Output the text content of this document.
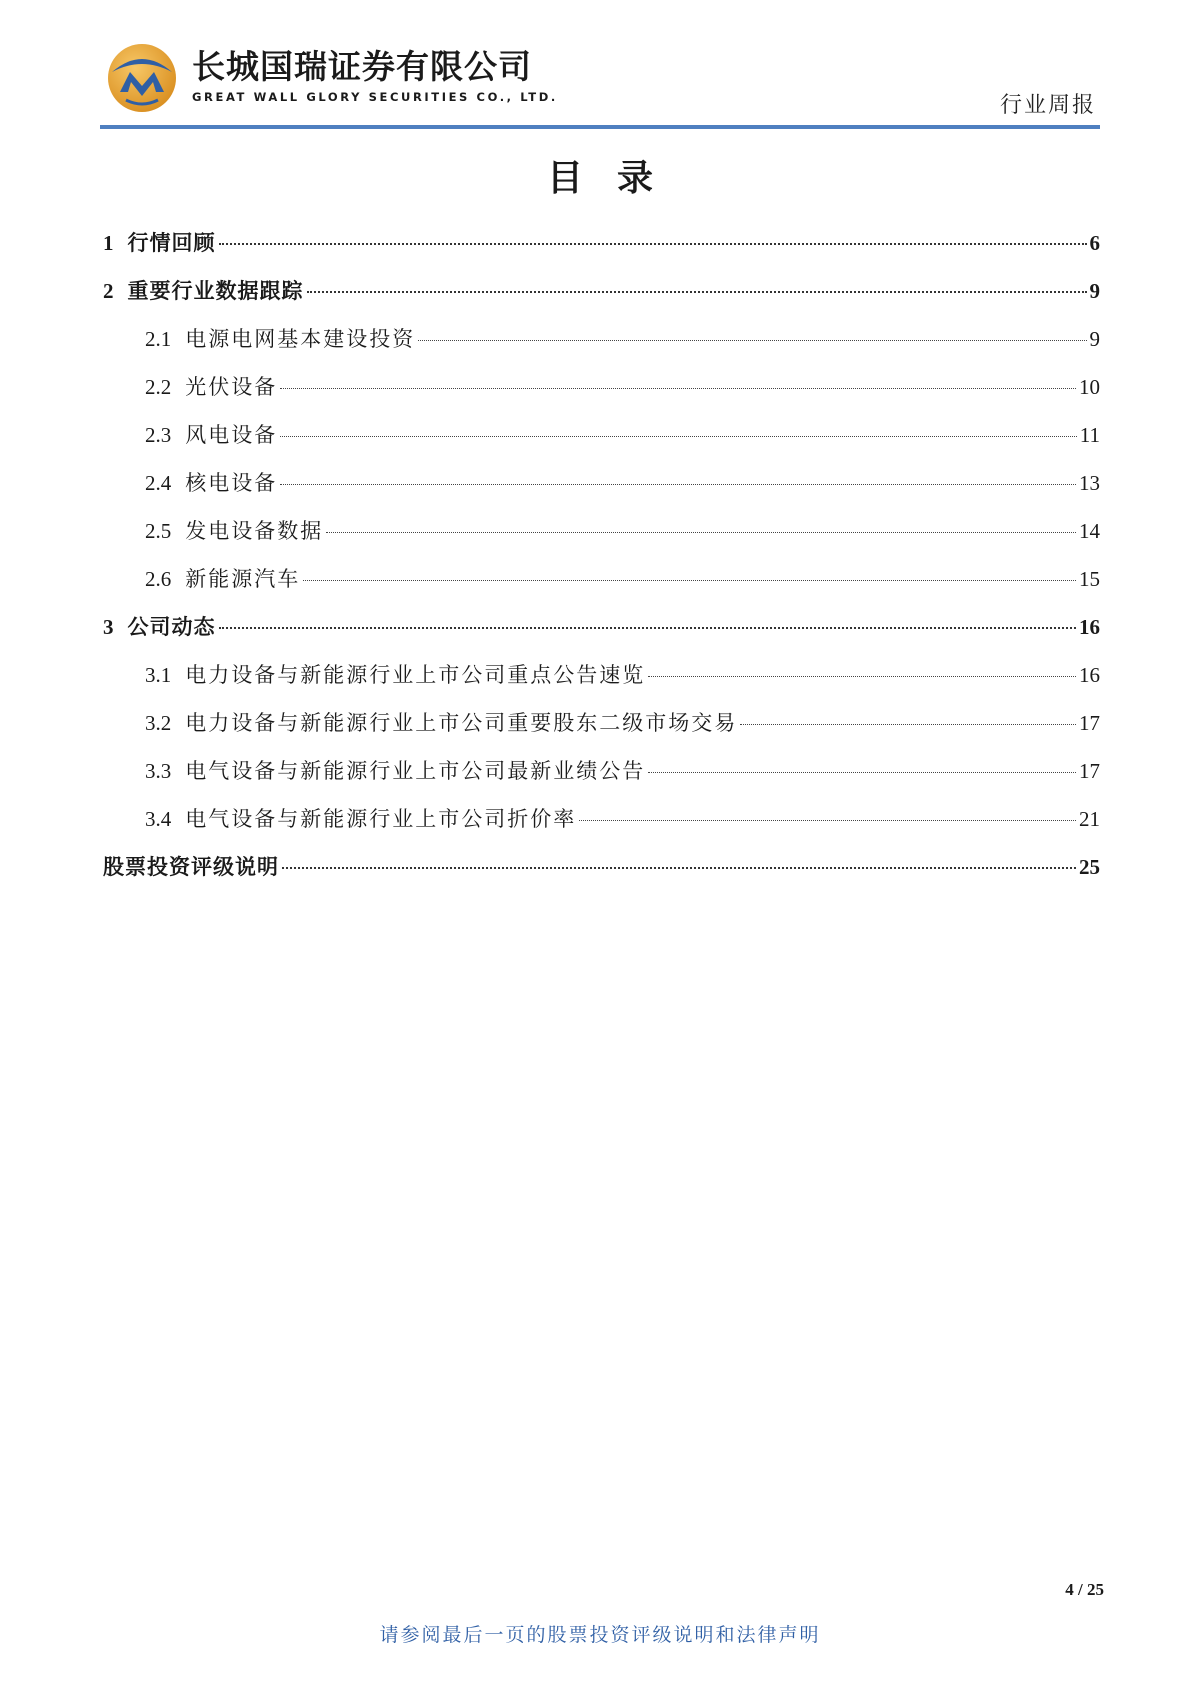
长城国瑞证券有限公司
GREAT WALL GLORY SECURITIES CO., LTD.	行业周报
目录
1 行情回顾	6
2 重要行业数据跟踪	9
2.1 电源电网基本建设投资	9
2.2 光伏设备	10
2.3 风电设备	11
2.4 核电设备	13
2.5 发电设备数据	14
2.6 新能源汽车	15
3 公司动态	16
3.1 电力设备与新能源行业上市公司重点公告速览	16
3.2 电力设备与新能源行业上市公司重要股东二级市场交易	17
3.3 电气设备与新能源行业上市公司最新业绩公告	17
3.4 电气设备与新能源行业上市公司折价率	21
股票投资评级说明	25
4 / 25
请参阅最后一页的股票投资评级说明和法律声明
